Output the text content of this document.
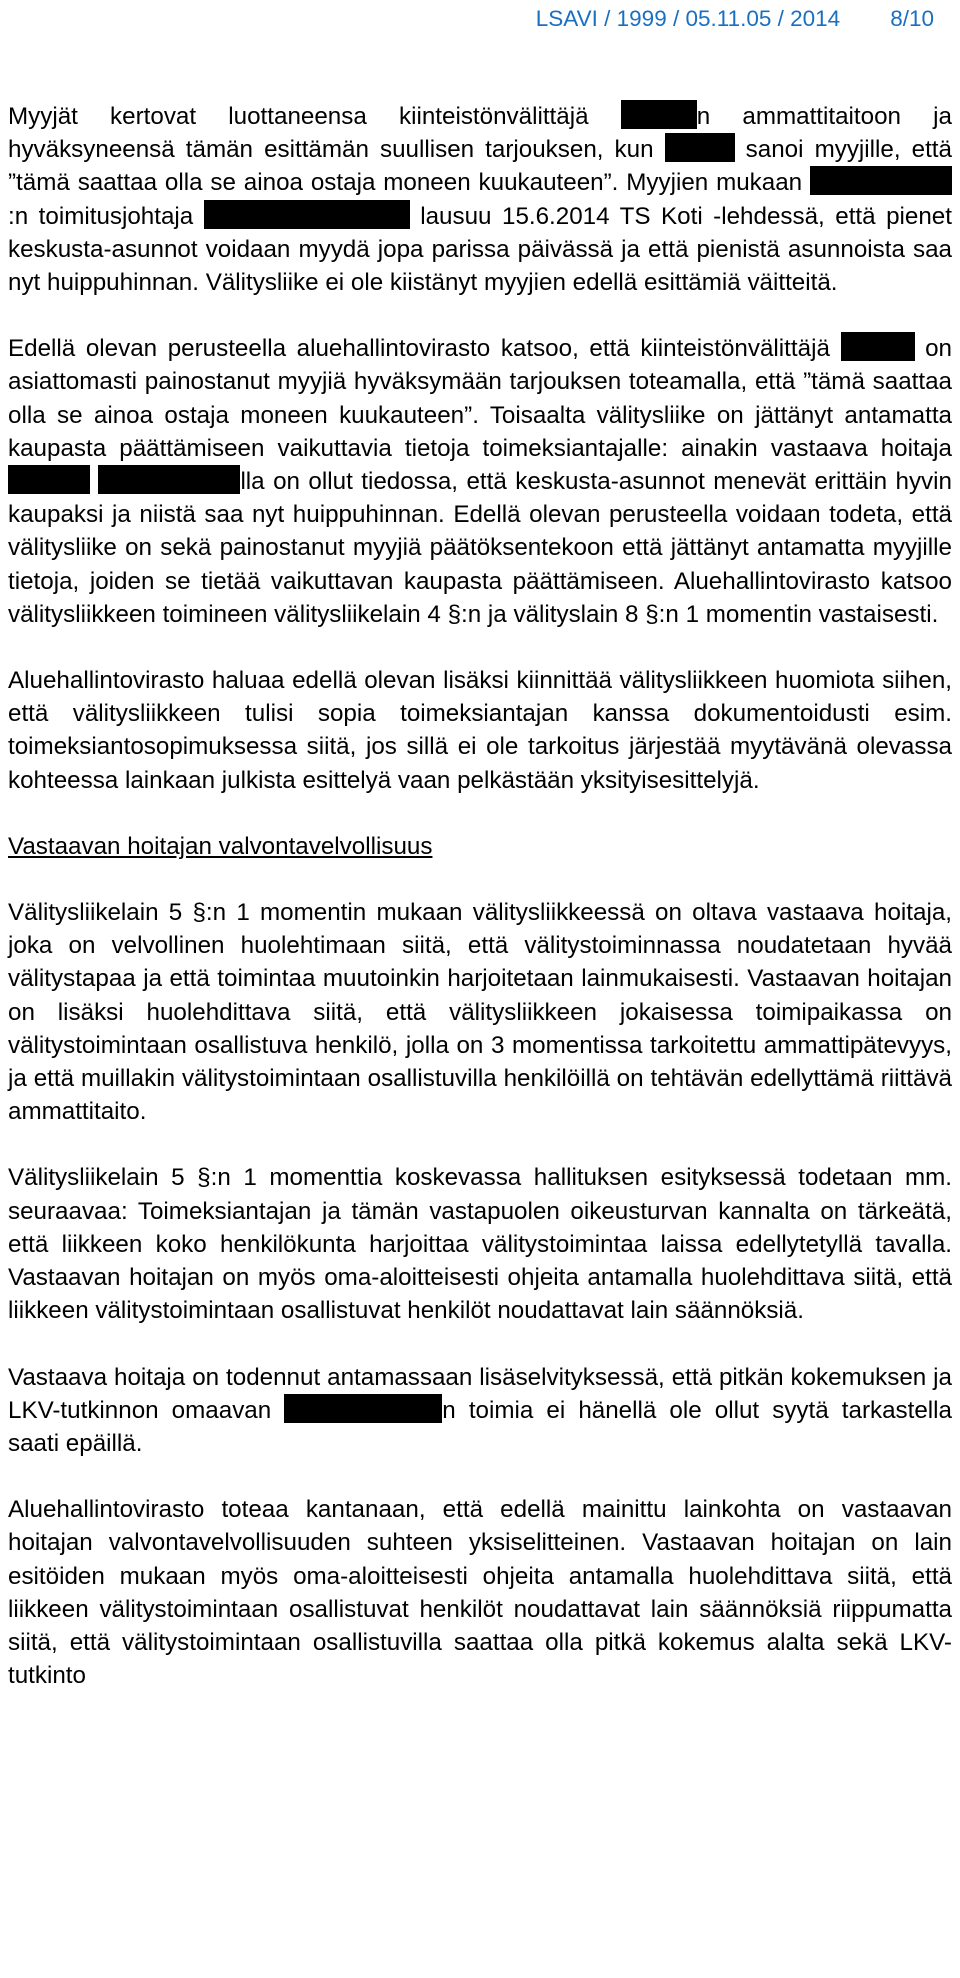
LSAVI / 1999 / 05.11.05 / 2014 8/10

Myyjät kertovat luottaneensa kiinteistönvälittäjä	n ammattitaitoon ja hyväksyneensä tämän esittämän suullisen tarjouksen, kun	sanoi myyjille, että ”tämä saattaa olla se ainoa ostaja moneen kuukauteen”. Myyjien mukaan :n toimitusjohtaja	lausuu 15.6.2014 TS Koti -lehdessä, että pienet keskusta-asunnot voidaan myydä jopa parissa päivässä ja että pienistä asunnoista saa nyt huippuhinnan. Välitysliike ei ole kiistänyt myyjien edellä esittämiä väitteitä.

Edellä olevan perusteella aluehallintovirasto katsoo, että kiinteistönvälittäjä	on asiattomasti painostanut myyjiä hyväksymään tarjouksen toteamalla, että ”tämä saattaa olla se ainoa ostaja moneen kuukauteen”. Toisaalta välitysliike on jättänyt antamatta kaupasta päättämiseen vaikuttavia tietoja toimeksiantajalle: ainakin vastaava hoitaja  lla on ollut tiedossa, että keskusta-asunnot menevät erittäin hyvin kaupaksi ja niistä saa nyt huippuhinnan. Edellä olevan perusteella voidaan todeta, että välitysliike on sekä painostanut myyjiä päätöksentekoon että jättänyt antamatta myyjille tietoja, joiden se tietää vaikuttavan kaupasta päättämiseen. Aluehallintovirasto katsoo välitysliikkeen toimineen välitysliikelain 4 §:n ja välityslain 8 §:n 1 momentin vastaisesti.

Aluehallintovirasto haluaa edellä olevan lisäksi kiinnittää välitysliikkeen huomiota siihen, että välitysliikkeen tulisi sopia toimeksiantajan kanssa dokumentoidusti esim. toimeksiantosopimuksessa siitä, jos sillä ei ole tarkoitus järjestää myytävänä olevassa kohteessa lainkaan julkista esittelyä vaan pelkästään yksityisesittelyjä.

Vastaavan hoitajan valvontavelvollisuus

Välitysliikelain 5 §:n 1 momentin mukaan välitysliikkeessä on oltava vastaava hoitaja, joka on velvollinen huolehtimaan siitä, että välitystoiminnassa noudatetaan hyvää välitystapaa ja että toimintaa muutoinkin harjoitetaan lainmukaisesti. Vastaavan hoitajan on lisäksi huolehdittava siitä, että välitysliikkeen jokaisessa toimipaikassa on välitystoimintaan osallistuva henkilö, jolla on 3 momentissa tarkoitettu ammattipätevyys, ja että muillakin välitystoimintaan osallistuvilla henkilöillä on tehtävän edellyttämä riittävä ammattitaito.

Välitysliikelain 5 §:n 1 momenttia koskevassa hallituksen esityksessä todetaan mm. seuraavaa: Toimeksiantajan ja tämän vastapuolen oikeusturvan kannalta on tärkeätä, että liikkeen koko henkilökunta harjoittaa välitystoimintaa laissa edellytetyllä tavalla. Vastaavan hoitajan on myös oma-aloitteisesti ohjeita antamalla huolehdittava siitä, että liikkeen välitystoimintaan osallistuvat henkilöt noudattavat lain säännöksiä.

Vastaava hoitaja on todennut antamassaan lisäselvityksessä, että pitkän kokemuksen ja LKV-tutkinnon omaavan	n toimia ei hänellä ole ollut syytä tarkastella saati epäillä.

Aluehallintovirasto toteaa kantanaan, että edellä mainittu lainkohta on vastaavan hoitajan valvontavelvollisuuden suhteen yksiselitteinen. Vastaavan hoitajan on lain esitöiden mukaan myös oma-aloitteisesti ohjeita antamalla huolehdittava siitä, että liikkeen välitystoimintaan osallistuvat henkilöt noudattavat lain säännöksiä riippumatta siitä, että välitystoimintaan osallistuvilla saattaa olla pitkä kokemus alalta sekä LKV-tutkinto
